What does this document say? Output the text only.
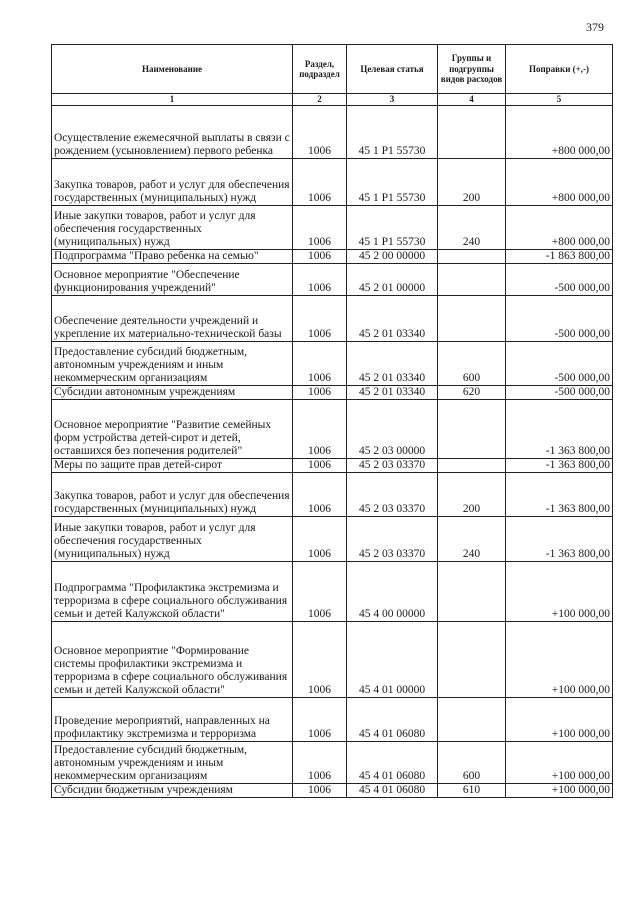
379
Наименование	Раздел, подраздел	Целевая статья	Группы и подгруппы видов расходов	Поправки (+,-)
1	2	3	4	5
Осуществление ежемесячной выплаты в связи с рождением (усыновлением) первого ребенка	1006	45 1 P1 55730		+800 000,00
Закупка товаров, работ и услуг для обеспечения государственных (муниципальных) нужд	1006	45 1 P1 55730	200	+800 000,00
Иные закупки товаров, работ и услуг для обеспечения государственных (муниципальных) нужд	1006	45 1 P1 55730	240	+800 000,00
Подпрограмма "Право ребенка на семью"	1006	45 2 00 00000		-1 863 800,00
Основное мероприятие "Обеспечение функционирования учреждений"	1006	45 2 01 00000		-500 000,00
Обеспечение деятельности учреждений и укрепление их материально-технической базы	1006	45 2 01 03340		-500 000,00
Предоставление субсидий бюджетным, автономным учреждениям и иным некоммерческим организациям	1006	45 2 01 03340	600	-500 000,00
Субсидии автономным учреждениям	1006	45 2 01 03340	620	-500 000,00
Основное мероприятие "Развитие семейных форм устройства детей-сирот и детей, оставшихся без попечения родителей"	1006	45 2 03 00000		-1 363 800,00
Меры по защите прав детей-сирот	1006	45 2 03 03370		-1 363 800,00
Закупка товаров, работ и услуг для обеспечения государственных (муниципальных) нужд	1006	45 2 03 03370	200	-1 363 800,00
Иные закупки товаров, работ и услуг для обеспечения государственных (муниципальных) нужд	1006	45 2 03 03370	240	-1 363 800,00
Подпрограмма "Профилактика экстремизма и терроризма в сфере социального обслуживания семьи и детей Калужской области"	1006	45 4 00 00000		+100 000,00
Основное мероприятие "Формирование системы профилактики экстремизма и терроризма в сфере социального обслуживания семьи и детей Калужской области"	1006	45 4 01 00000		+100 000,00
Проведение мероприятий, направленных на профилактику экстремизма и терроризма	1006	45 4 01 06080		+100 000,00
Предоставление субсидий бюджетным, автономным учреждениям и иным некоммерческим организациям	1006	45 4 01 06080	600	+100 000,00
Субсидии бюджетным учреждениям	1006	45 4 01 06080	610	+100 000,00
